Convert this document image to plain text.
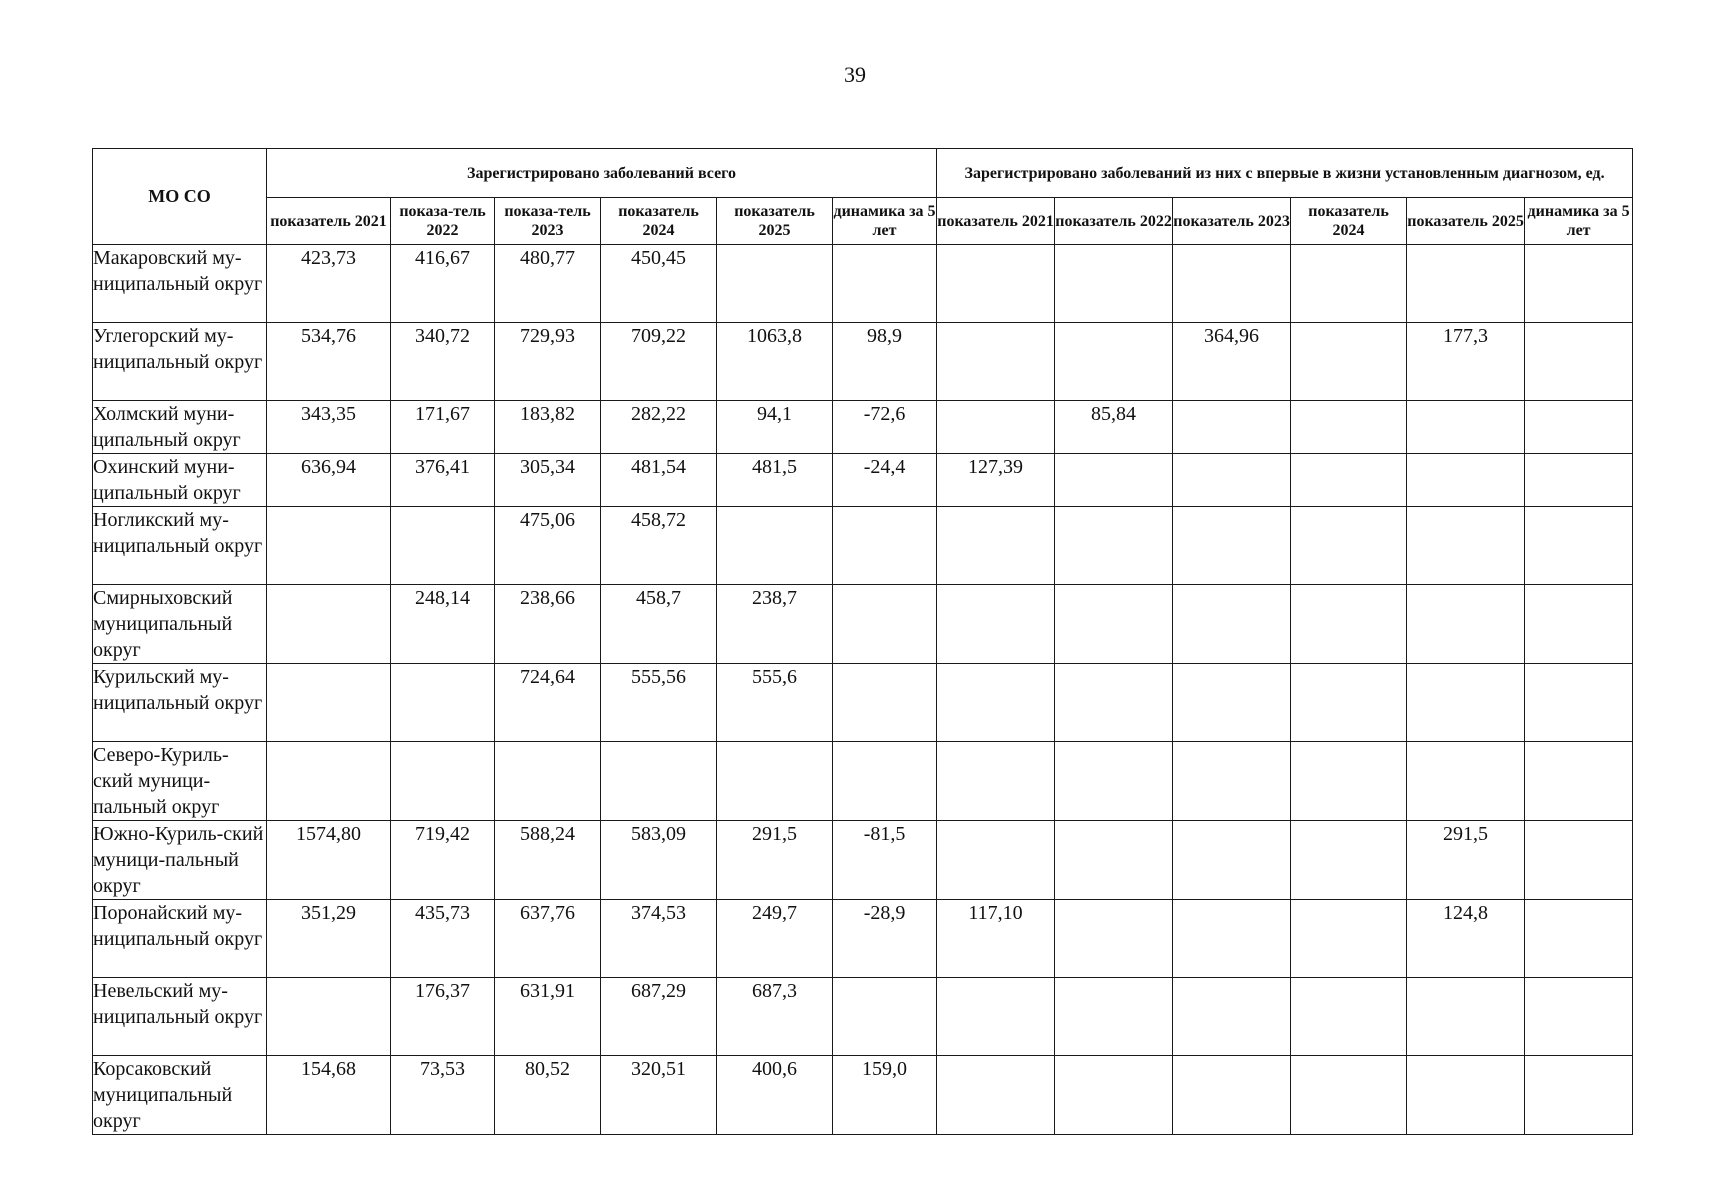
39
МО СО	Зарегистрировано заболеваний всего						Зарегистрировано заболеваний из них с впервые в жизни установленным диагнозом, ед.					
	показатель 2021	показа-тель 2022	показа-тель 2023	показатель 2024	показатель 2025	динамика за 5 лет	показатель 2021	показатель 2022	показатель 2023	показатель 2024	показатель 2025	динамика за 5 лет
Макаровский му-ниципальный округ	423,73	416,67	480,77	450,45								
Углегорский му-ниципальный округ	534,76	340,72	729,93	709,22	1063,8	98,9			364,96		177,3	
Холмский муни-ципальный округ	343,35	171,67	183,82	282,22	94,1	-72,6		85,84				
Охинский муни-ципальный округ	636,94	376,41	305,34	481,54	481,5	-24,4	127,39					
Ногликский му-ниципальный округ			475,06	458,72								
Смирныховский муниципальный округ		248,14	238,66	458,7	238,7							
Курильский му-ниципальный округ			724,64	555,56	555,6							
Северо-Куриль-ский муници-пальный округ												
Южно-Куриль-ский муници-пальный округ	1574,80	719,42	588,24	583,09	291,5	-81,5					291,5	
Поронайский му-ниципальный округ	351,29	435,73	637,76	374,53	249,7	-28,9	117,10				124,8	
Невельский му-ниципальный округ		176,37	631,91	687,29	687,3							
Корсаковский муниципальный округ	154,68	73,53	80,52	320,51	400,6	159,0						
